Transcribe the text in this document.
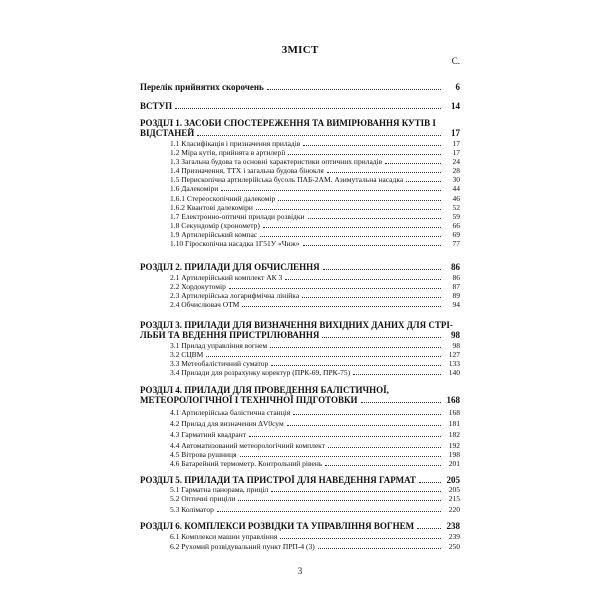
ЗМІСТ
С.
Перелік прийнятих скорочень	6
ВСТУП	14
РОЗДІЛ 1. ЗАСОБИ СПОСТЕРЕЖЕННЯ ТА ВИМІРЮВАННЯ КУТІВ І
ВІДСТАНЕЙ	17
1.1 Класифікація і призначення приладів	17
1.2 Міра кутів, прийнята в артилерії	17
1.3 Загальна будова та основні характеристики оптичних приладів	24
1.4 Призначення, ТТХ і загальна будова бінокля	28
1.5 Перископічна артилерійська бусоль ПАБ-2АМ. Азимутальна насадка	30
1.6 Далекоміри	44
1.6.1 Стереоскопічний далекомір	46
1.6.2 Квантові далекоміри	52
1.7 Електронно-оптичні прилади розвідки	59
1.8 Секундомір (хронометр)	66
1.9 Артилерійський компас	69
1.10 Гіроскопічна насадка 1Г51У «Чиж»	77
РОЗДІЛ 2. ПРИЛАДИ ДЛЯ ОБЧИСЛЕННЯ	86
2.1 Артилерійський комплект АК 3	86
2.2 Хордокутомір	87
2.3 Артилерійська логарифмічна лінійка	89
2.4 Обчислювач ОТМ	94
РОЗДІЛ 3. ПРИЛАДИ ДЛЯ ВИЗНАЧЕННЯ ВИХІДНИХ ДАНИХ ДЛЯ СТРІ-
ЛЬБИ ТА ВЕДЕННЯ ПРИСТРІЛЮВАННЯ	98
3.1 Прилад управління вогнем	98
3.2 СЦВМ	127
3.3 Метеобалістичний суматор	133
3.4 Прилади для розрахунку коректур (ПРК-69, ПРК-75)	140
РОЗДІЛ 4. ПРИЛАДИ ДЛЯ ПРОВЕДЕННЯ БАЛІСТИЧНОЇ,
МЕТЕОРОЛОГІЧНОЇ І ТЕХНІЧНОЇ ПІДГОТОВКИ	168
4.1 Артилерійська балістична станція	168
4.2 Прилад для визначення ΔV0сум	181
4.3 Гарматний квадрант	182
4.4 Автоматизований метеорологічний комплект	192
4.5 Вітрова рушниця	198
4.6 Батарейний термометр. Контрольний рівень	201
РОЗДІЛ 5. ПРИЛАДИ ТА ПРИСТРОЇ ДЛЯ НАВЕДЕННЯ ГАРМАТ	205
5.1 Гарматна панорама, приціл	205
5.2 Оптичні приціли	215
5.3 Коліматор	220
РОЗДІЛ 6. КОМПЛЕКСИ РОЗВІДКИ ТА УПРАВЛІННЯ ВОГНЕМ	238
6.1 Комплекси машин управління	239
6.2 Рухомий розвідувальний пункт ПРП-4 (3)	250
3
